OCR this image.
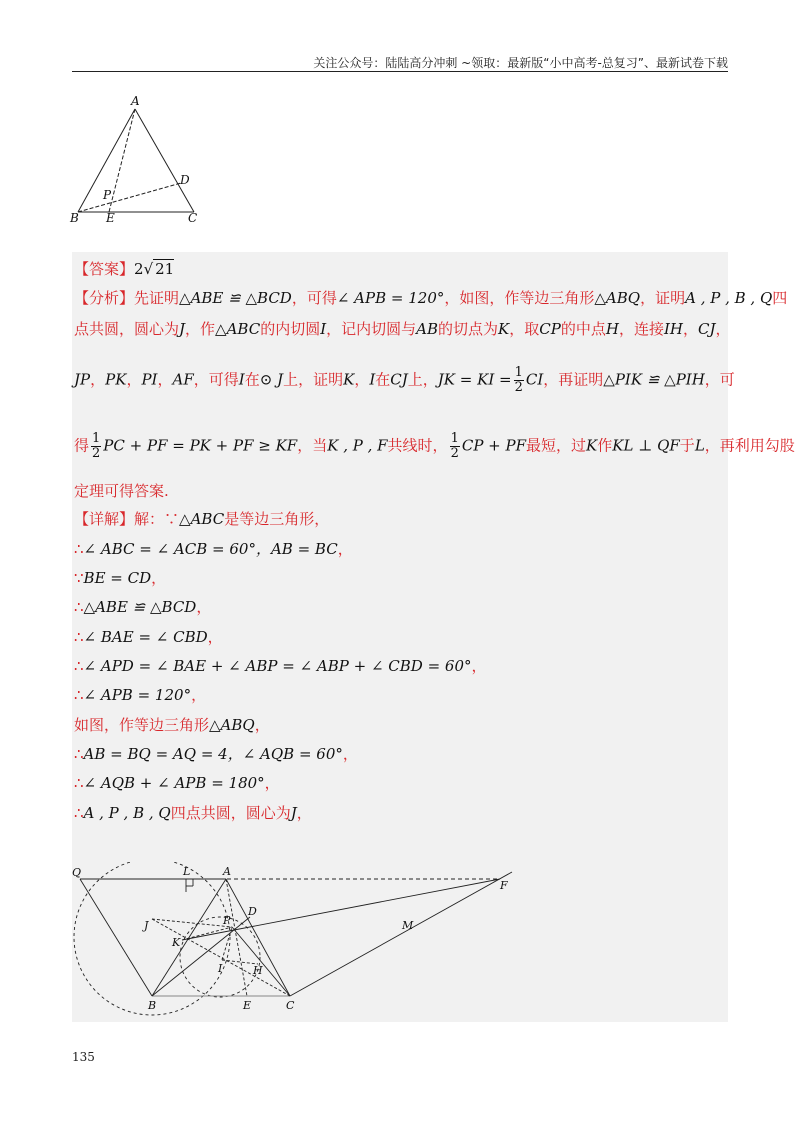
关注公众号：陆陆高分冲刺 ~领取：最新版“小中高考-总复习”、最新试卷下载
A
B	C
D
E
P
【答案】2√ 21
【分析】先证明△ABE ≌ △BCD，可得∠ APB = 120°，如图，作等边三角形△ABQ，证明A , P , B , Q四
点共圆，圆心为J，作△ABC的内切圆I，记内切圆与AB的切点为K，取CP的中点H，连接IH，CJ，
JP，PK，PI，AF，可得I在⊙ J上，证明K，I在CJ上，JK = KI = $\frac{1}{2}$ CI，再证明△PIK ≌ △PIH，可
得 $\frac{1}{2}$ PC + PF = PK + PF ≥ KF，当K , P , F共线时， $\frac{1}{2}$ CP + PF最短，过K作KL ⊥ QF于L，再利用勾股
定理可得答案.
【详解】解：∵△ABC是等边三角形，
∴∠ ABC = ∠ ACB = 60°，AB = BC，
∵BE = CD，
∴△ABE ≌ △BCD，
∴∠ BAE = ∠ CBD，
∴∠ APD = ∠ BAE + ∠ ABP = ∠ ABP + ∠ CBD = 60°，
∴∠ APB = 120°，
如图，作等边三角形△ABQ，
∴AB = BQ = AQ = 4，∠ AQB = 60°，
∴∠ AQB + ∠ APB = 180°，
∴A , P , B , Q四点共圆，圆心为J，
Q	L	A
F
J	P
D
K
I	H
M
B	E	C
135
